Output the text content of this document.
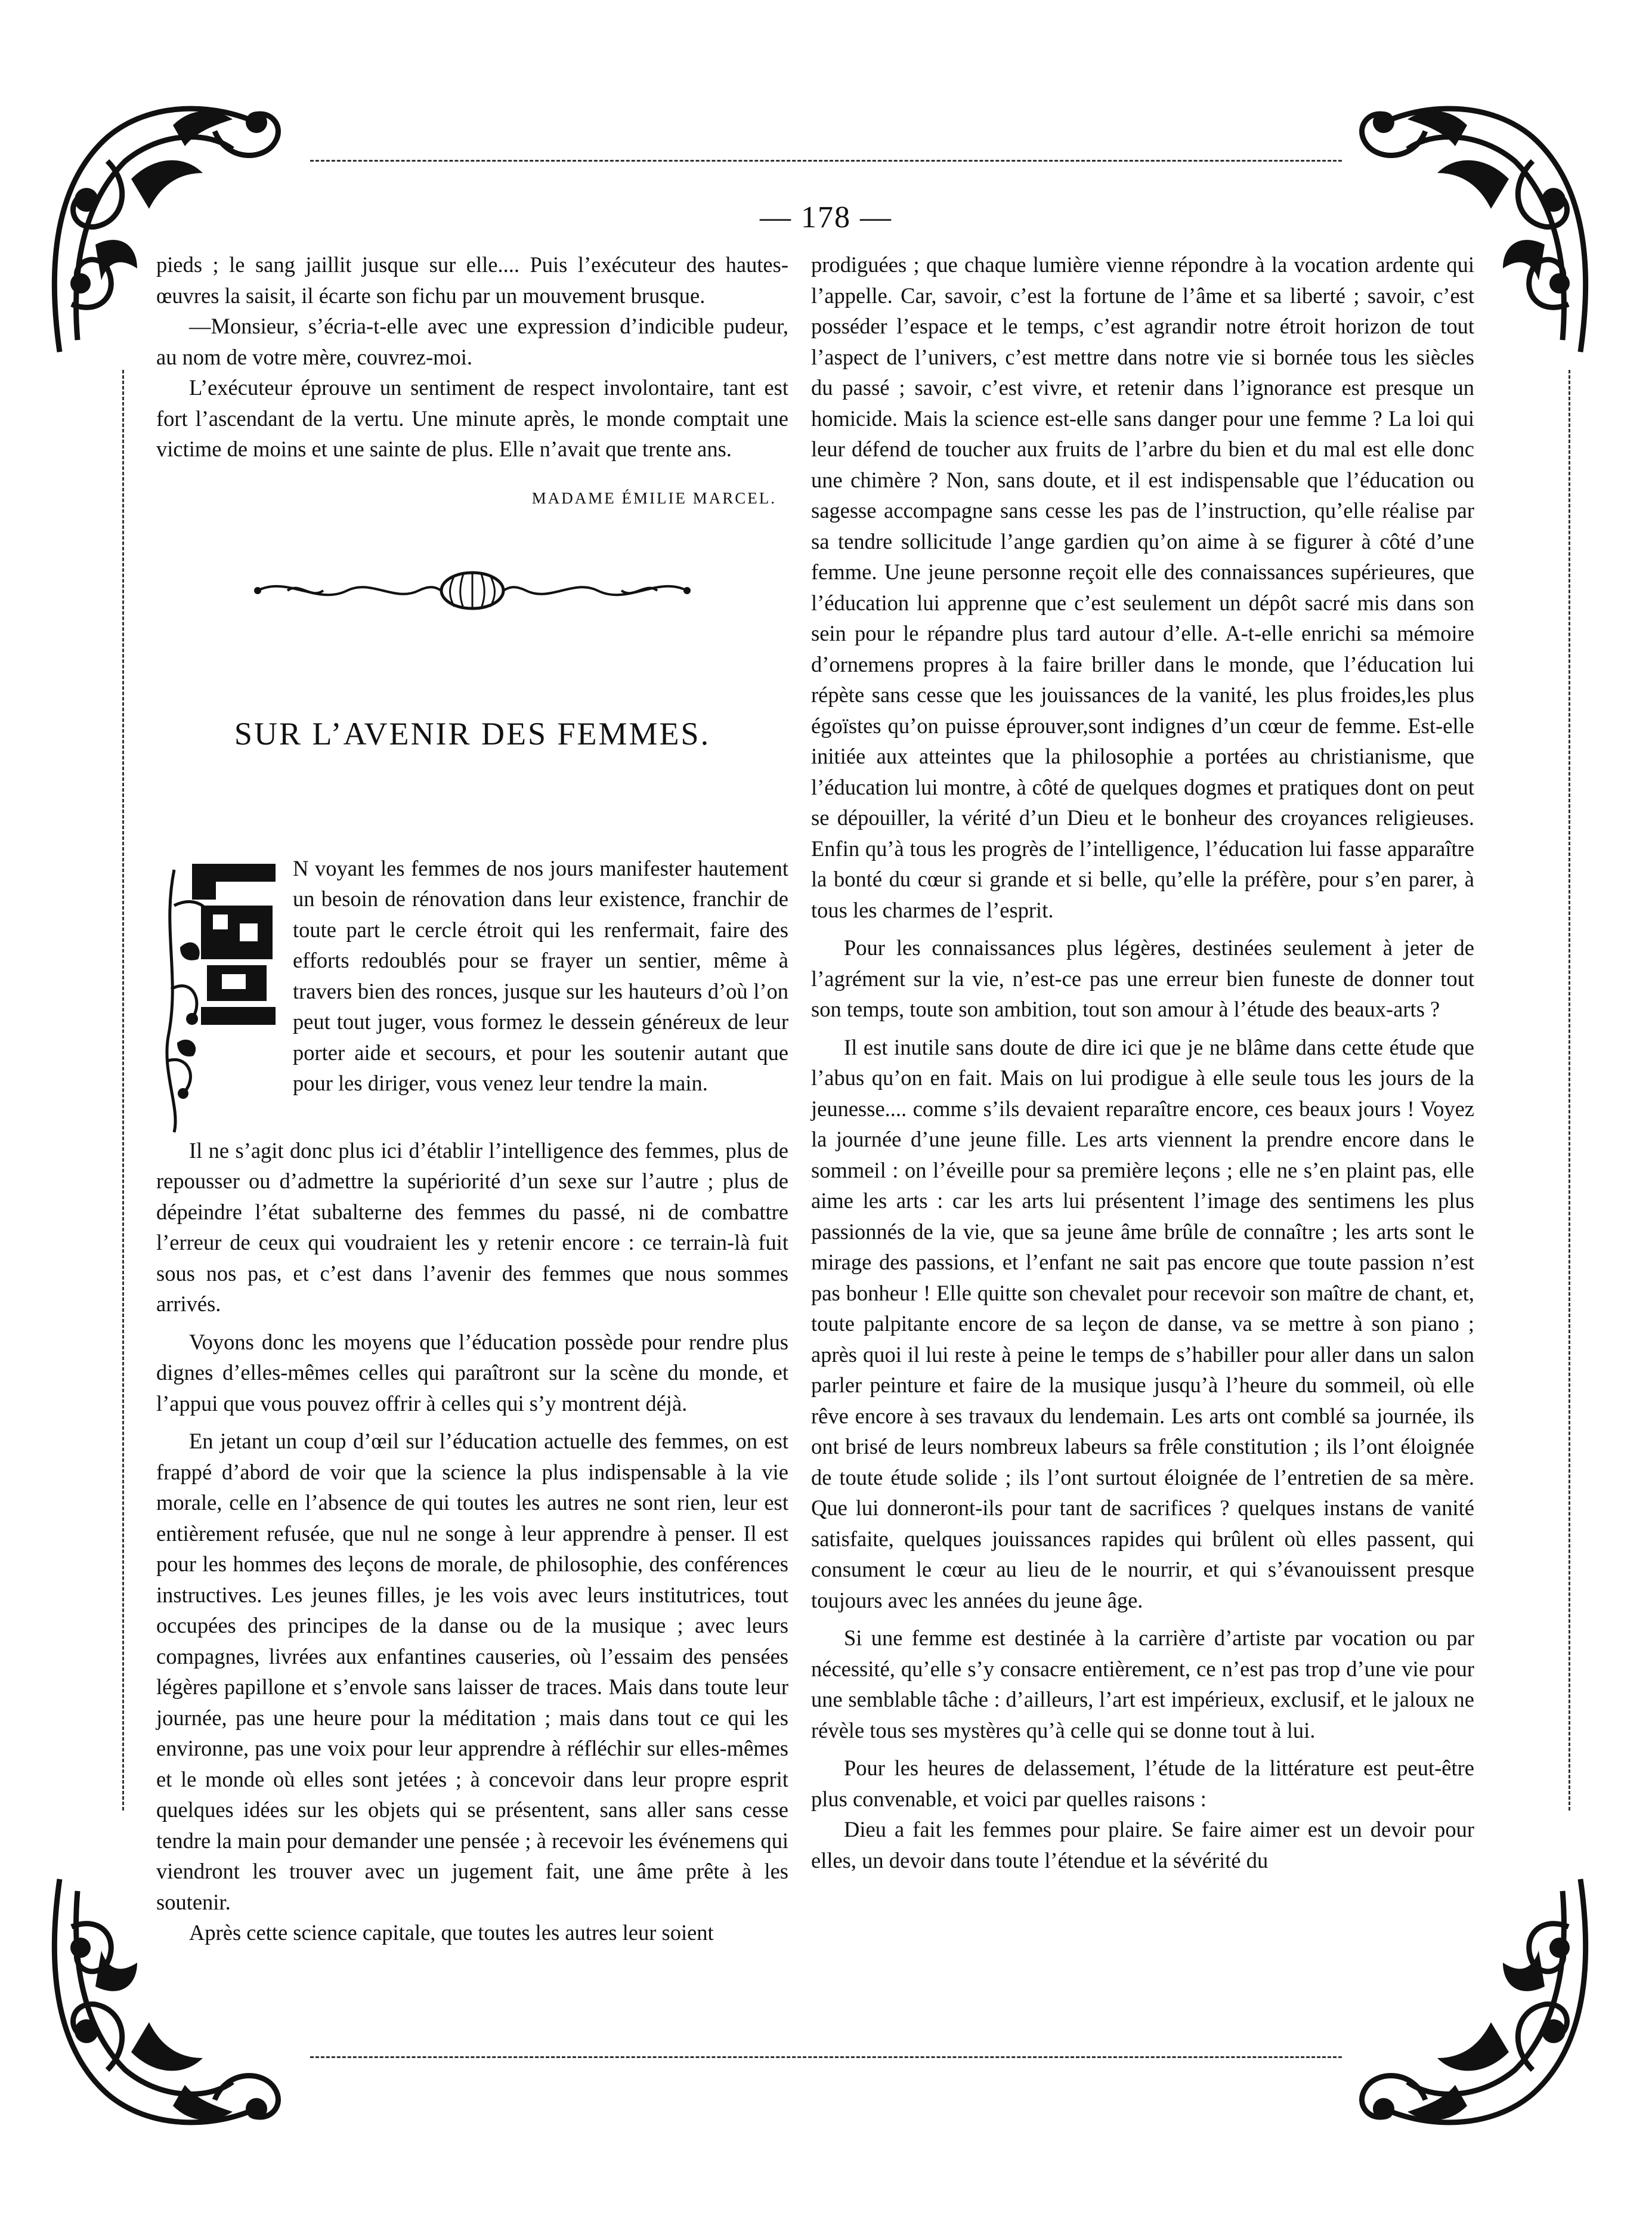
— 178 —

pieds ; le sang jaillit jusque sur elle.... Puis l’exécuteur des hautes-œuvres la saisit, il écarte son fichu par un mouvement brusque.

—Monsieur, s’écria-t-elle avec une expression d’indicible pudeur, au nom de votre mère, couvrez-moi.

L’exécuteur éprouve un sentiment de respect involontaire, tant est fort l’ascendant de la vertu. Une minute après, le monde comptait une victime de moins et une sainte de plus. Elle n’avait que trente ans.

MADAME ÉMILIE MARCEL.
SUR L’AVENIR DES FEMMES.

N voyant les femmes de nos jours manifester hautement un besoin de rénovation dans leur existence, franchir de toute part le cercle étroit qui les renfermait, faire des efforts redoublés pour se frayer un sentier, même à travers bien des ronces, jusque sur les hauteurs d’où l’on peut tout juger, vous formez le dessein généreux de leur porter aide et secours, et pour les soutenir autant que pour les diriger, vous venez leur tendre la main.

Il ne s’agit donc plus ici d’établir l’intelligence des femmes, plus de repousser ou d’admettre la supériorité d’un sexe sur l’autre ; plus de dépeindre l’état subalterne des femmes du passé, ni de combattre l’erreur de ceux qui voudraient les y retenir encore : ce terrain-là fuit sous nos pas, et c’est dans l’avenir des femmes que nous sommes arrivés.

Voyons donc les moyens que l’éducation possède pour rendre plus dignes d’elles-mêmes celles qui paraîtront sur la scène du monde, et l’appui que vous pouvez offrir à celles qui s’y montrent déjà.

En jetant un coup d’œil sur l’éducation actuelle des femmes, on est frappé d’abord de voir que la science la plus indispensable à la vie morale, celle en l’absence de qui toutes les autres ne sont rien, leur est entièrement refusée, que nul ne songe à leur apprendre à penser. Il est pour les hommes des leçons de morale, de philosophie, des conférences instructives. Les jeunes filles, je les vois avec leurs institutrices, tout occupées des principes de la danse ou de la musique ; avec leurs compagnes, livrées aux enfantines causeries, où l’essaim des pensées légères papillone et s’envole sans laisser de traces. Mais dans toute leur journée, pas une heure pour la méditation ; mais dans tout ce qui les environne, pas une voix pour leur apprendre à réfléchir sur elles-mêmes et le monde où elles sont jetées ; à concevoir dans leur propre esprit quelques idées sur les objets qui se présentent, sans aller sans cesse tendre la main pour demander une pensée ; à recevoir les événemens qui viendront les trouver avec un jugement fait, une âme prête à les soutenir.

Après cette science capitale, que toutes les autres leur soient

prodiguées ; que chaque lumière vienne répondre à la vocation ardente qui l’appelle. Car, savoir, c’est la fortune de l’âme et sa liberté ; savoir, c’est posséder l’espace et le temps, c’est agrandir notre étroit horizon de tout l’aspect de l’univers, c’est mettre dans notre vie si bornée tous les siècles du passé ; savoir, c’est vivre, et retenir dans l’ignorance est presque un homicide. Mais la science est-elle sans danger pour une femme ? La loi qui leur défend de toucher aux fruits de l’arbre du bien et du mal est elle donc une chimère ? Non, sans doute, et il est indispensable que l’éducation ou sagesse accompagne sans cesse les pas de l’instruction, qu’elle réalise par sa tendre sollicitude l’ange gardien qu’on aime à se figurer à côté d’une femme. Une jeune personne reçoit elle des connaissances supérieures, que l’éducation lui apprenne que c’est seulement un dépôt sacré mis dans son sein pour le répandre plus tard autour d’elle. A-t-elle enrichi sa mémoire d’ornemens propres à la faire briller dans le monde, que l’éducation lui répète sans cesse que les jouissances de la vanité, les plus froides,les plus égoïstes qu’on puisse éprouver,sont indignes d’un cœur de femme. Est-elle initiée aux atteintes que la philosophie a portées au christianisme, que l’éducation lui montre, à côté de quelques dogmes et pratiques dont on peut se dépouiller, la vérité d’un Dieu et le bonheur des croyances religieuses. Enfin qu’à tous les progrès de l’intelligence, l’éducation lui fasse apparaître la bonté du cœur si grande et si belle, qu’elle la préfère, pour s’en parer, à tous les charmes de l’esprit.

Pour les connaissances plus légères, destinées seulement à jeter de l’agrément sur la vie, n’est-ce pas une erreur bien funeste de donner tout son temps, toute son ambition, tout son amour à l’étude des beaux-arts ?

Il est inutile sans doute de dire ici que je ne blâme dans cette étude que l’abus qu’on en fait. Mais on lui prodigue à elle seule tous les jours de la jeunesse.... comme s’ils devaient reparaître encore, ces beaux jours ! Voyez la journée d’une jeune fille. Les arts viennent la prendre encore dans le sommeil : on l’éveille pour sa première leçons ; elle ne s’en plaint pas, elle aime les arts : car les arts lui présentent l’image des sentimens les plus passionnés de la vie, que sa jeune âme brûle de connaître ; les arts sont le mirage des passions, et l’enfant ne sait pas encore que toute passion n’est pas bonheur ! Elle quitte son chevalet pour recevoir son maître de chant, et, toute palpitante encore de sa leçon de danse, va se mettre à son piano ; après quoi il lui reste à peine le temps de s’habiller pour aller dans un salon parler peinture et faire de la musique jusqu’à l’heure du sommeil, où elle rêve encore à ses travaux du lendemain. Les arts ont comblé sa journée, ils ont brisé de leurs nombreux labeurs sa frêle constitution ; ils l’ont éloignée de toute étude solide ; ils l’ont surtout éloignée de l’entretien de sa mère. Que lui donneront-ils pour tant de sacrifices ? quelques instans de vanité satisfaite, quelques jouissances rapides qui brûlent où elles passent, qui consument le cœur au lieu de le nourrir, et qui s’évanouissent presque toujours avec les années du jeune âge.

Si une femme est destinée à la carrière d’artiste par vocation ou par nécessité, qu’elle s’y consacre entièrement, ce n’est pas trop d’une vie pour une semblable tâche : d’ailleurs, l’art est impérieux, exclusif, et le jaloux ne révèle tous ses mystères qu’à celle qui se donne tout à lui.

Pour les heures de delassement, l’étude de la littérature est peut-être plus convenable, et voici par quelles raisons :

Dieu a fait les femmes pour plaire. Se faire aimer est un devoir pour elles, un devoir dans toute l’étendue et la sévérité du
